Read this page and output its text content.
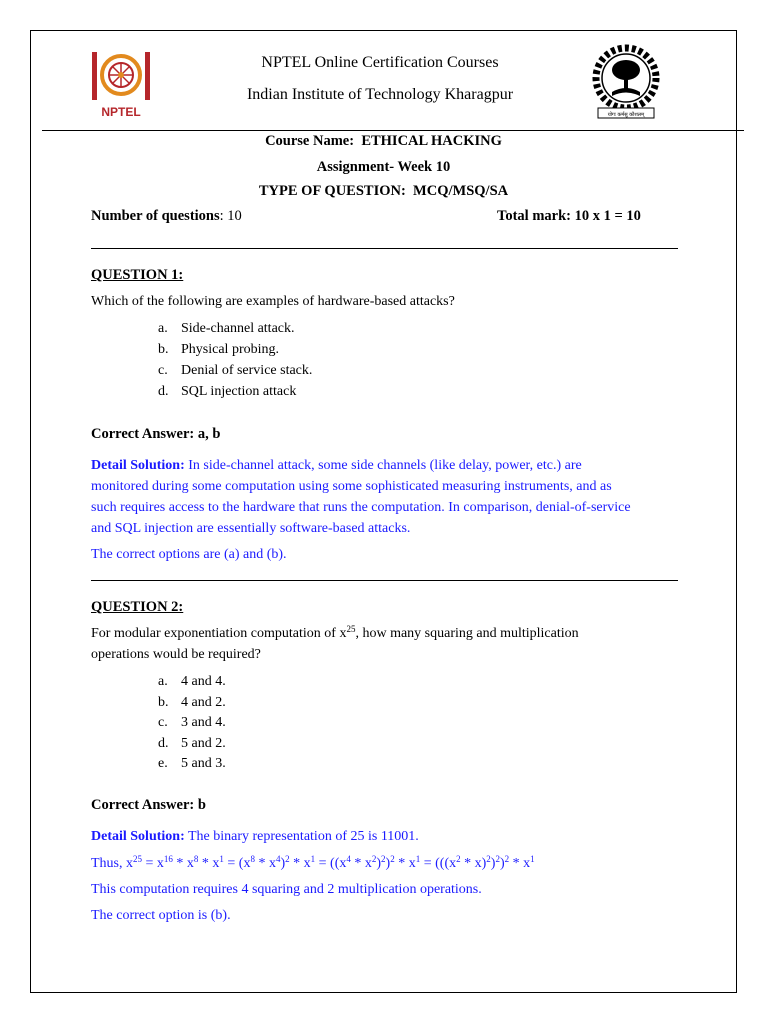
NPTEL	योगः कर्मसु कौशलम्
NPTEL Online Certification Courses
Indian Institute of Technology Kharagpur
Course Name: ETHICAL HACKING
Assignment- Week 10
TYPE OF QUESTION: MCQ/MSQ/SA
Number of questions: 10	Total mark: 10 x 1 = 10
QUESTION 1:
Which of the following are examples of hardware-based attacks?
a. Side-channel attack.
b. Physical probing.
c. Denial of service stack.
d. SQL injection attack
Correct Answer: a, b
Detail Solution: In side-channel attack, some side channels (like delay, power, etc.) are
monitored during some computation using some sophisticated measuring instruments, and as
such requires access to the hardware that runs the computation. In comparison, denial-of-service
and SQL injection are essentially software-based attacks.
The correct options are (a) and (b).
QUESTION 2:
For modular exponentiation computation of $x^{25}$, how many squaring and multiplication
operations would be required?
a. 4 and 4.
b. 4 and 2.
c. 3 and 4.
d. 5 and 2.
e. 5 and 3.
Correct Answer: b
Detail Solution: The binary representation of 25 is 11001.
Thus, $x^{25} = x^{16} * x^8 * x^1 = (x^8 * x^4)^2 * x^1 = ((x^4 * x^2)^2)^2 * x^1 = (((x^2 * x)^2)^2)^2 * x^1$
This computation requires 4 squaring and 2 multiplication operations.
The correct option is (b).
